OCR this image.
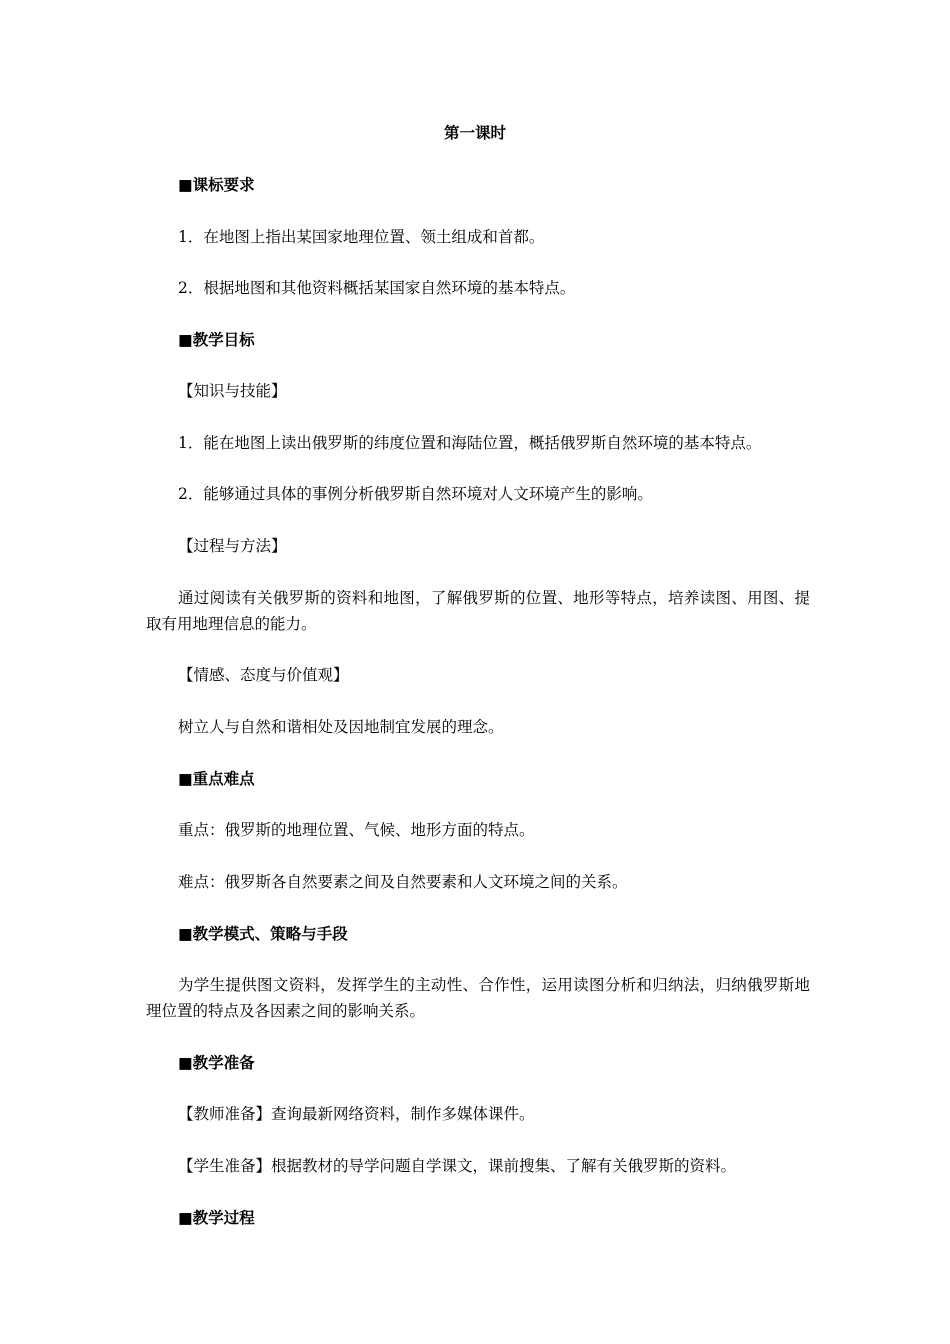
第一课时
■课标要求
1．在地图上指出某国家地理位置、领土组成和首都。
2．根据地图和其他资料概括某国家自然环境的基本特点。
■教学目标
【知识与技能】
1．能在地图上读出俄罗斯的纬度位置和海陆位置，概括俄罗斯自然环境的基本特点。
2．能够通过具体的事例分析俄罗斯自然环境对人文环境产生的影响。
【过程与方法】
通过阅读有关俄罗斯的资料和地图，了解俄罗斯的位置、地形等特点，培养读图、用图、提取有用地理信息的能力。
【情感、态度与价值观】
树立人与自然和谐相处及因地制宜发展的理念。
■重点难点
重点：俄罗斯的地理位置、气候、地形方面的特点。
难点：俄罗斯各自然要素之间及自然要素和人文环境之间的关系。
■教学模式、策略与手段
为学生提供图文资料，发挥学生的主动性、合作性，运用读图分析和归纳法，归纳俄罗斯地理位置的特点及各因素之间的影响关系。
■教学准备
【教师准备】查询最新网络资料，制作多媒体课件。
【学生准备】根据教材的导学问题自学课文，课前搜集、了解有关俄罗斯的资料。
■教学过程
